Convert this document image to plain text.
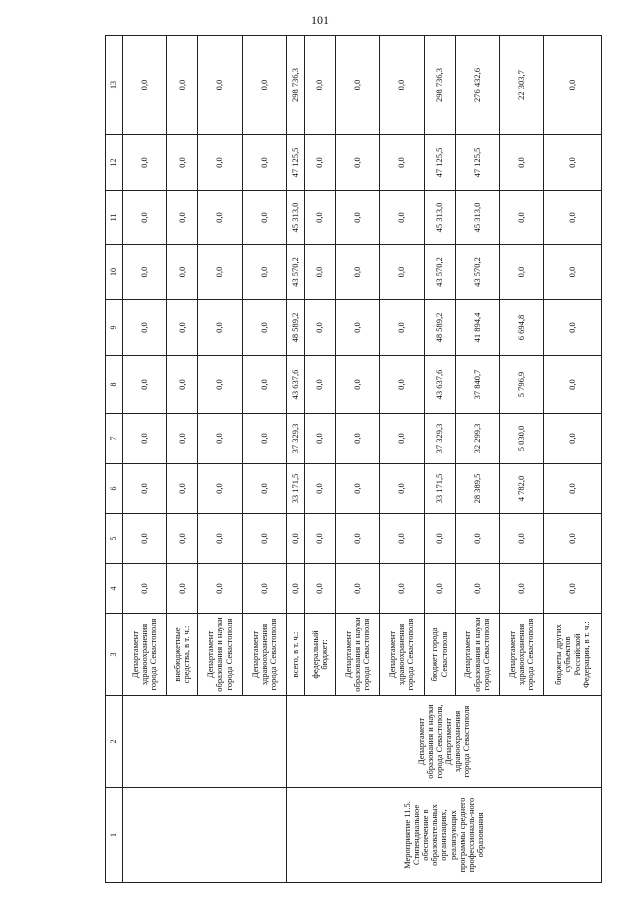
101
1	2	3	4	5	6	7	8	9	10	11	12	13
		Департамент здравоохранения города Севастополя	0,0	0,0	0,0	0,0	0,0	0,0	0,0	0,0	0,0	0,0
		внебюджетные средства, в т. ч.:	0,0	0,0	0,0	0,0	0,0	0,0	0,0	0,0	0,0	0,0
		Департамент образования и науки города Севастополя	0,0	0,0	0,0	0,0	0,0	0,0	0,0	0,0	0,0	0,0
		Департамент здравоохранения города Севастополя	0,0	0,0	0,0	0,0	0,0	0,0	0,0	0,0	0,0	0,0
Мероприятие 11.5. Стипендиальное обеспечение в образовательных организациях, реализующих программы среднего профессиональ-ного образования	Департамент образования и науки города Севастополя, Департамент здравоохранения города Севастополя	всего, в т. ч.:	0,0	0,0	33 171,5	37 329,3	43 637,6	48 589,2	43 570,2	45 313,0	47 125,5	298 736,3
		федеральный бюджет:	0,0	0,0	0,0	0,0	0,0	0,0	0,0	0,0	0,0	0,0
		Департамент образования и науки города Севастополя	0,0	0,0	0,0	0,0	0,0	0,0	0,0	0,0	0,0	0,0
		Департамент здравоохранения города Севастополя	0,0	0,0	0,0	0,0	0,0	0,0	0,0	0,0	0,0	0,0
		бюджет города Севастополя	0,0	0,0	33 171,5	37 329,3	43 637,6	48 589,2	43 570,2	45 313,0	47 125,5	298 736,3
		Департамент образования и науки города Севастополя	0,0	0,0	28 389,5	32 299,3	37 840,7	41 894,4	43 570,2	45 313,0	47 125,5	276 432,6
		Департамент здравоохранения города Севастополя	0,0	0,0	4 782,0	5 030,0	5 796,9	6 694,8	0,0	0,0	0,0	22 303,7
		бюджеты других субъектов Российской Федерации, в т. ч.:	0,0	0,0	0,0	0,0	0,0	0,0	0,0	0,0	0,0	0,0
